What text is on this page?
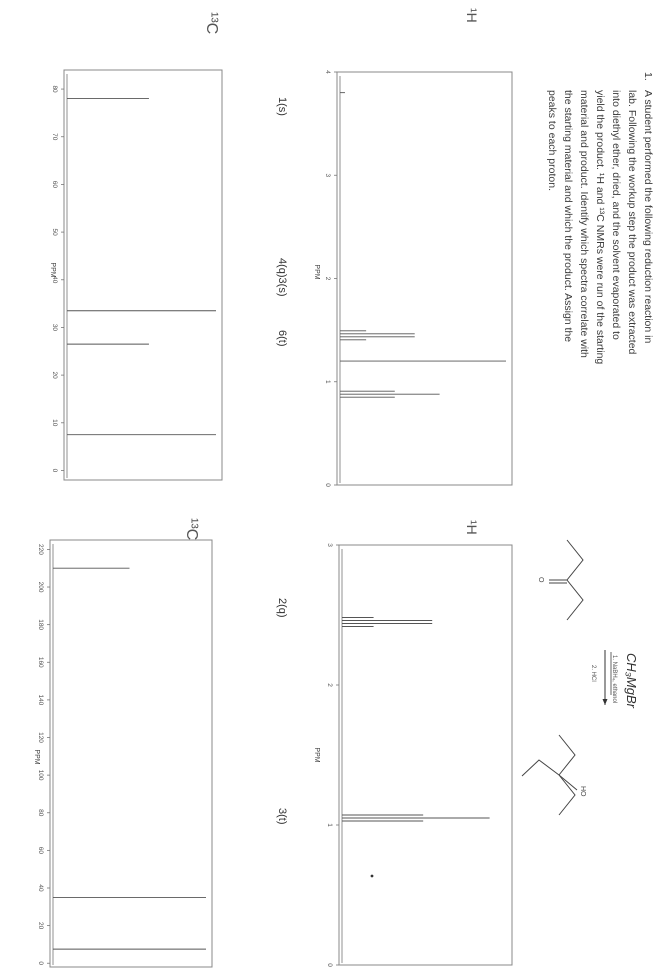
1.
A student performed the following reduction reaction in
lab. Following the workup step the product was extracted
into diethyl ether, dried, and the solvent evaporated to
yield the product. ¹H and ¹³C NMRs were run of the starting
material and product. Identify which spectra correlate with
the starting material and which the product. Assign the
peaks to each proton.
O
CH₃MgBr
1. NaBH₄, ethanol
2. HCl
HO
¹H
4
3
2
1
0
PPM
1(s)
4(q)3(s)
6(t)
¹H
3
2
1
0
PPM
2(q)
3(t)
¹³C
80
70
60
50
40
30
20
10
0
PPM
¹³C
220
200
180
160
140
120
100
80
60
40
20
0
PPM
